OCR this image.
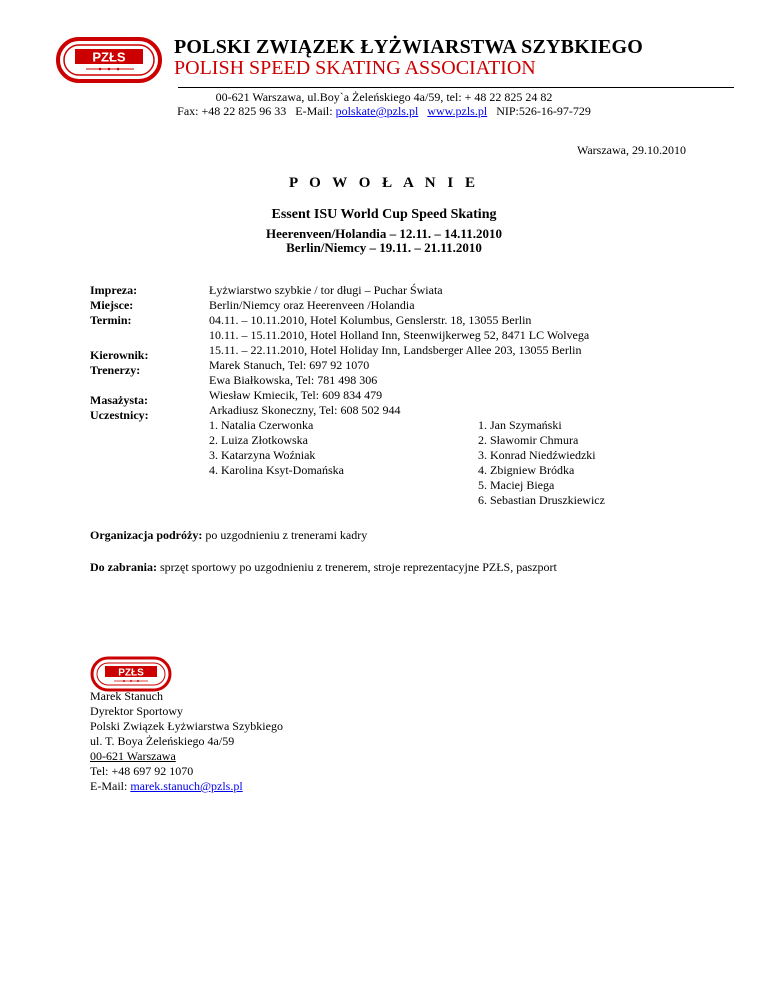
PZŁS POLSKI ZWIĄZEK ŁYŻWIARSTWA SZYBKIEGO
POLISH SPEED SKATING ASSOCIATION
00-621 Warszawa, ul.Boy`a Żeleńskiego 4a/59, tel: + 48 22 825 24 82
Fax: +48 22 825 96 33 E-Mail: polskate@pzls.pl www.pzls.pl NIP:526-16-97-729
Warszawa, 29.10.2010
P O W O Ł A N I E
Essent ISU World Cup Speed Skating
Heerenveen/Holandia – 12.11. – 14.11.2010
Berlin/Niemcy – 19.11. – 21.11.2010
Impreza:
Miejsce:
Termin:
Kierownik:
Trenerzy:
Masażysta:
Uczestnicy:
Łyżwiarstwo szybkie / tor długi – Puchar Świata
Berlin/Niemcy oraz Heerenveen /Holandia
04.11. – 10.11.2010, Hotel Kolumbus, Genslerstr. 18, 13055 Berlin
10.11. – 15.11.2010, Hotel Holland Inn, Steenwijkerweg 52, 8471 LC Wolvega
15.11. – 22.11.2010, Hotel Holiday Inn, Landsberger Allee 203, 13055 Berlin
Marek Stanuch, Tel: 697 92 1070
Ewa Białkowska, Tel: 781 498 306
Wiesław Kmiecik, Tel: 609 834 479
Arkadiusz Skoneczny, Tel: 608 502 944
1. Natalia Czerwonka
2. Luiza Złotkowska
3. Katarzyna Woźniak
4. Karolina Ksyt-Domańska
1. Jan Szymański
2. Sławomir Chmura
3. Konrad Niedźwiedzki
4. Zbigniew Bródka
5. Maciej Biega
6. Sebastian Druszkiewicz
Organizacja podróży: po uzgodnieniu z trenerami kadry
Do zabrania: sprzęt sportowy po uzgodnieniu z trenerem, stroje reprezentacyjne PZŁS, paszport
PZŁS
Marek Stanuch
Dyrektor Sportowy
Polski Związek Łyżwiarstwa Szybkiego
ul. T. Boya Żeleńskiego 4a/59
00-621 Warszawa
Tel: +48 697 92 1070
E-Mail: marek.stanuch@pzls.pl
